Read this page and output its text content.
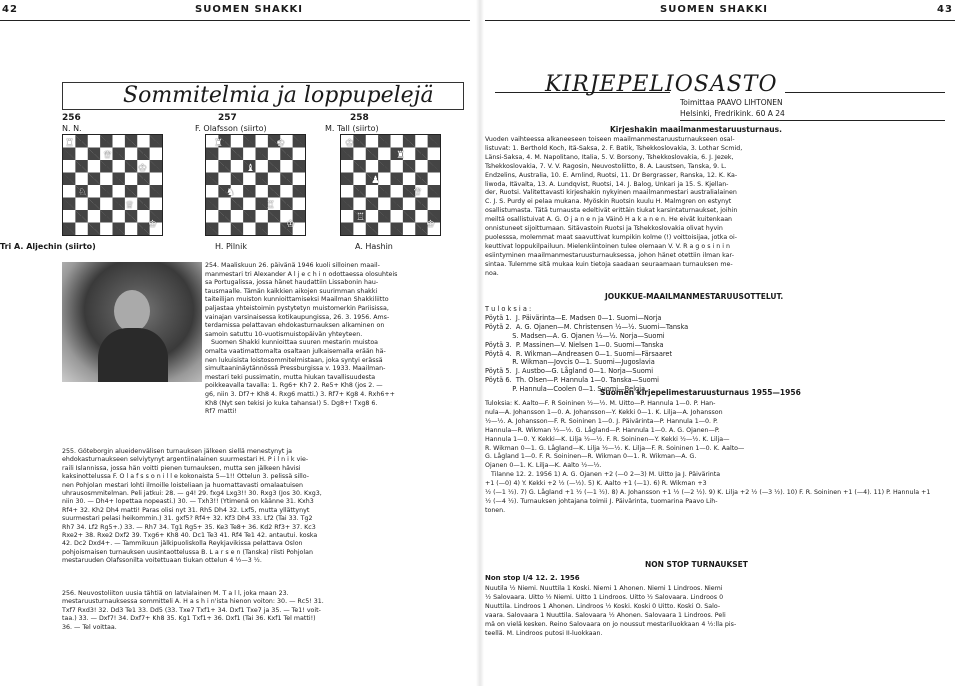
42	SUOMEN SHAKKI
Sommitelmia ja loppupelejä
256
N. N.
257
F. Olafsson (siirto)
258
M. Tall (siirto)
♜
♛
♚
♘
♕
♔
♜	♚
♝
♞
♖
♔
♚
♜
♟
♛
♖
♔
Tri A. Aljechin (siirto)	H. Pilnik	A. Hashin
254. Maaliskuun 26. päivänä 1946 kuoli silloinen maail-
manmestari tri Alexander A l j e c h i n odottaessa olosuhteis
sa Portugalissa, jossa hänet haudattiin Lissabonin hau-
tausmaalle. Tämän kaikkien aikojen suurimman shakki
taiteilijan muiston kunnioittamiseksi Maailman Shakkiliitto
paljastaa yhteistoimin pystytetyn muistomerkin Pariisissa,
vainajan varsinaisessa kotikaupungissa, 26. 3. 1956. Ams-
terdamissa pelattavan ehdokasturnauksen alkaminen on
samoin satuttu 10-vuotismuistopäivän yhteyteen.
Suomen Shakki kunnioittaa suuren mestarin muistoa
omalta vaatimattomalta osaltaan julkaisemalla erään hä-
nen lukuisista loistosommitelmistaan, joka syntyi erässä
simultaaninäytännössä Pressburgissa v. 1933. Maailman-
mestari teki pussimatin, mutta hiukan tavallisuudesta
poikkeavalla tavalla: 1. Rg6+ Kh7 2. Re5+ Kh8 (jos 2. —
g6, niin 3. Df7+ Kh8 4. Rxg6 matti.) 3. Rf7+ Kg8 4. Rxh6++
Kh8 (Nyt sen tekisi jo kuka tahansa!) 5. Dg8+! Txg8 6.
Rf7 matti!
255. Göteborgin alueidenvälisen turnauksen jälkeen siellä menestynyt ja
ehdokasturnaukseen selviytynyt argentiinalainen suurmestari H. P i l n i k vie-
raili Islannissa, jossa hän voitti pienen turnauksen, mutta sen jälkeen hävisi
kaksinottelussa F. O l a f s s o n i l l e kokonaista 5—1!! Ottelun 3. pelissä sillo-
nen Pohjolan mestari lohti ilmoille loisteliaan ja huomattavasti omalaatuisen
uhrausosmmitelman. Peli jatkui: 28. — g4! 29. fxg4 Lxg3!! 30. Rxg3 (Jos 30. Kxg3,
niin 30. — Dh4+ lopettaa nopeasti.) 30. — Txh3!! (Ytimenä on käänne 31. Kxh3
Rf4+ 32. Kh2 Dh4 matti! Paras olisi nyt 31. Rh5 Dh4 32. Lxf5, mutta yllättynyt
suurmestari pelasi heikommin.) 31. gxf5? Rf4+ 32. Kf3 Dh4 33. Lf2 (Tai 33. Tg2
Rh7 34. Lf2 Rg5+.) 33. — Rh7 34. Tg1 Rg5+ 35. Ke3 Te8+ 36. Kd2 Rf3+ 37. Kc3
Rxe2+ 38. Rxe2 Dxf2 39. Txg6+ Kh8 40. Dc1 Te3 41. Rf4 Te1 42. antautui. koska
42. Dc2 Dxd4+. — Tammikuun jälkipuoliskolla Reykjavikissa pelattava Oslon
pohjoismaisen turnauksen uusintaottelussa B. L a r s e n (Tanska) riisti Pohjolan
mestaruuden Olafssonilta voitettuaan tiukan ottelun 4 ½—3 ½.
256. Neuvostoliiton uusia tähtiä on latvialainen M. T a l l, joka maan 23.
mestaruusturnauksessa sommitteli A. H a s h i n'ista hienon voiton: 30. — Rc5! 31.
Txf7 Rxd3! 32. Dd3 Te1 33. Dd5 (33. Txe7 Txf1+ 34. Dxf1 Txe7 ja 35. — Te1! voit-
taa.) 33. — Dxf7! 34. Dxf7+ Kh8 35. Kg1 Txf1+ 36. Dxf1 (Tai 36. Kxf1 Tel matti!)
36. — Tel voittaa.
SUOMEN SHAKKI	43
KIRJEPELIOSASTO
Toimittaa PAAVO LIHTONEN
Helsinki, Fredrikink. 60 A 24
Kirjeshakin maailmanmestaruusturnaus.
Vuoden vaihteessa alkaneeseen toiseen maailmanmestaruusturnaukseen osal-
listuvat: 1. Berthold Koch, Itä-Saksa, 2. F. Batik, Tshekkoslovakia, 3. Lothar Scmid,
Länsi-Saksa, 4. M. Napolitano, Italia, 5. V. Borsony, Tshekkoslovakia, 6. J. Jezek,
Tshekkoslovakia, 7. V. V. Ragosin, Neuvostoliitto, 8. A. Laustsen, Tanska, 9. L.
Endzelins, Australia, 10. E. Arnlind, Ruotsi, 11. Dr Bergrasser, Ranska, 12. K. Ka-
liwoda, Itävalta, 13. A. Lundqvist, Ruotsi, 14. J. Balog, Unkari ja 15. S. Kjellan-
der, Ruotsi. Valitettavasti kirjeshakin nykyinen maailmanmestari australialainen
C. J. S. Purdy ei pelaa mukana. Myöskin Ruotsin kuulu H. Malmgren on estynyt
osallistumasta. Tätä turnausta edeltivät erittäin tiukat karsintaturnaukset, joihin
meiltä osallistuivat A. G. O j a n e n ja Väinö H a k a n e n. He eivät kuitenkaan
onnistuneet sijoittumaan. Sitävastoin Ruotsi ja Tshekkoslovakia olivat hyvin
puolesssa, molemmat maat saavuttivat kumpikin kolme (!) voittoisijaa, jotka oi-
keuttivat loppukilpailuun. Mielenkiintoinen tulee olemaan V. V. R a g o s i n i n
esiintyminen maailmanmestaruusturnauksessa, johon hänet otettiin ilman kar-
sintaa. Tulemme sitä mukaa kuin tietoja saadaan seuraamaan turnauksen me-
noa.
JOUKKUE-MAAILMANMESTARUUSOTTELUT.
T u l o k s i a :
Pöytä 1.  J. Päivärinta—E. Madsen 0—1. Suomi—Norja
Pöytä 2.  A. G. Ojanen—M. Christensen ½—½. Suomi—Tanska
S. Madsen—A. G. Ojanen ½—½. Norja—Suomi
Pöytä 3.  P. Massinen—V. Nielsen 1—0. Suomi—Tanska
Pöytä 4.  R. Wikman—Andreasen 0—1. Suomi—Färsaaret
R. Wikman—Jovcis 0—1. Suomi—Jugoslavia
Pöytä 5.  J. Austbo—G. Lågland 0—1. Norja—Suomi
Pöytä 6.  Th. Olsen—P. Hannula 1—0. Tanska—Suomi
P. Hannula—Coolen 0—1. Suomi—Belgia
Suomen kirjepelimestaruusturnaus 1955—1956
Tuloksia: K. Aalto—F. R Soininen ½—½. M. Uitto—P. Hannula 1—0. P. Han-
nula—A. Johansson 1—0. A. Johansson—Y. Kekki 0—1. K. Lilja—A. Johansson
½—½. A. Johansson—F. R. Soininen 1—0. J. Päivärinta—P. Hannula 1—0. P.
Hannula—R. Wikman ½—½. G. Lågland—P. Hannula 1—0. A. G. Ojanen—P.
Hannula 1—0. Y. Kekki—K. Lilja ½—½. F. R. Soininen—Y. Kekki ½—½. K. Lilja—
R. Wikman 0—1. G. Lågland—K. Lilja ½—½. K. Lilja—F. R. Soininen 1—0. K. Aalto—
G. Lågland 1—0. F. R. Soininen—R. Wikman 0—1. R. Wikman—A. G.
Ojanen 0—1. K. Lilja—K. Aalto ½—½.
Tilanne 12. 2. 1956 1) A. G. Ojanen +2 (—0 2—3) M. Uitto ja J. Päivärinta
+1 (—0) 4) Y. Kekki +2 ½ (—½). 5) K. Aalto +1 (—1). 6) R. Wikman +3
½ (—1 ½). 7) G. Lågland +1 ½ (—1 ½). 8) A. Johansson +1 ½ (—2 ½). 9) K. Lilja +2 ½ (—3 ½). 10) F. R. Soininen +1 (—4). 11) P. Hannula +1
½ (—4 ½). Turnauksen johtajana toimii J. Päivärinta, tuomarina Paavo Lih-
tonen.
NON STOP TURNAUKSET
Non stop I/4 12. 2. 1956
Nuutila ½ Niemi. Nuuttila 1 Koski. Niemi 1 Ahonen. Niemi 1 Lindroos. Niemi
½ Salovaara. Uitto ½ Niemi. Uitto 1 Lindroos. Uitto ½ Salovaara. Lindroos 0
Nuuttila. Lindroos 1 Ahonen. Lindroos ½ Koski. Koski 0 Uitto. Koski O. Salo-
vaara. Salovaara 1 Nuuttila. Salovaara ½ Ahonen. Salovaara 1 Lindroos. Peli
mä on vielä kesken. Reino Salovaara on jo noussut mestariluokkaan 4 ½:lla pis-
teellä. M. Lindroos putosi II-luokkaan.
